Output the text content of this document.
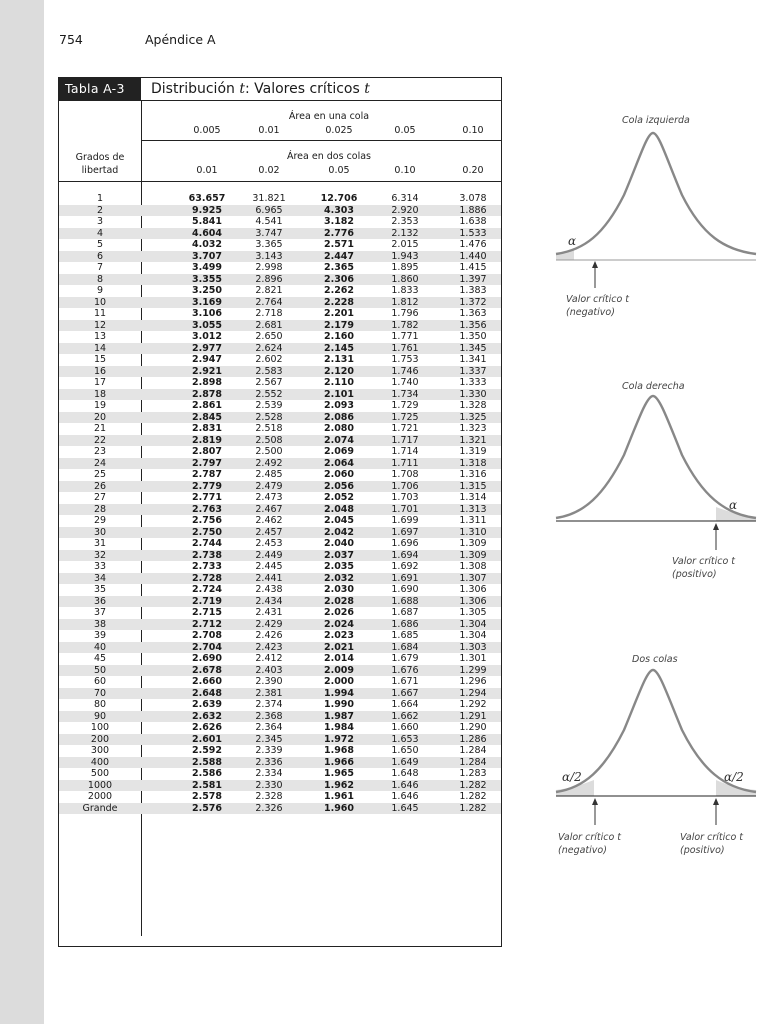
754	Apéndice A
Tabla A-3	Distribución t: Valores críticos t
Área en una cola
0.005	0.01	0.025	0.05	0.10
Grados de
libertad
Área en dos colas
0.01	0.02	0.05	0.10	0.20
1	63.657	31.821	12.706	6.314	3.078
2	9.925	6.965	4.303	2.920	1.886
3	5.841	4.541	3.182	2.353	1.638
4	4.604	3.747	2.776	2.132	1.533
5	4.032	3.365	2.571	2.015	1.476
6	3.707	3.143	2.447	1.943	1.440
7	3.499	2.998	2.365	1.895	1.415
8	3.355	2.896	2.306	1.860	1.397
9	3.250	2.821	2.262	1.833	1.383
10	3.169	2.764	2.228	1.812	1.372
11	3.106	2.718	2.201	1.796	1.363
12	3.055	2.681	2.179	1.782	1.356
13	3.012	2.650	2.160	1.771	1.350
14	2.977	2.624	2.145	1.761	1.345
15	2.947	2.602	2.131	1.753	1.341
16	2.921	2.583	2.120	1.746	1.337
17	2.898	2.567	2.110	1.740	1.333
18	2.878	2.552	2.101	1.734	1.330
19	2.861	2.539	2.093	1.729	1.328
20	2.845	2.528	2.086	1.725	1.325
21	2.831	2.518	2.080	1.721	1.323
22	2.819	2.508	2.074	1.717	1.321
23	2.807	2.500	2.069	1.714	1.319
24	2.797	2.492	2.064	1.711	1.318
25	2.787	2.485	2.060	1.708	1.316
26	2.779	2.479	2.056	1.706	1.315
27	2.771	2.473	2.052	1.703	1.314
28	2.763	2.467	2.048	1.701	1.313
29	2.756	2.462	2.045	1.699	1.311
30	2.750	2.457	2.042	1.697	1.310
31	2.744	2.453	2.040	1.696	1.309
32	2.738	2.449	2.037	1.694	1.309
33	2.733	2.445	2.035	1.692	1.308
34	2.728	2.441	2.032	1.691	1.307
35	2.724	2.438	2.030	1.690	1.306
36	2.719	2.434	2.028	1.688	1.306
37	2.715	2.431	2.026	1.687	1.305
38	2.712	2.429	2.024	1.686	1.304
39	2.708	2.426	2.023	1.685	1.304
40	2.704	2.423	2.021	1.684	1.303
45	2.690	2.412	2.014	1.679	1.301
50	2.678	2.403	2.009	1.676	1.299
60	2.660	2.390	2.000	1.671	1.296
70	2.648	2.381	1.994	1.667	1.294
80	2.639	2.374	1.990	1.664	1.292
90	2.632	2.368	1.987	1.662	1.291
100	2.626	2.364	1.984	1.660	1.290
200	2.601	2.345	1.972	1.653	1.286
300	2.592	2.339	1.968	1.650	1.284
400	2.588	2.336	1.966	1.649	1.284
500	2.586	2.334	1.965	1.648	1.283
1000	2.581	2.330	1.962	1.646	1.282
2000	2.578	2.328	1.961	1.646	1.282
Grande	2.576	2.326	1.960	1.645	1.282
Cola izquierda
α
Valor crítico t
(negativo)
Cola derecha
α
Valor crítico t
(positivo)
Dos colas
α/2	α/2
Valor crítico t
(negativo)
Valor crítico t
(positivo)
